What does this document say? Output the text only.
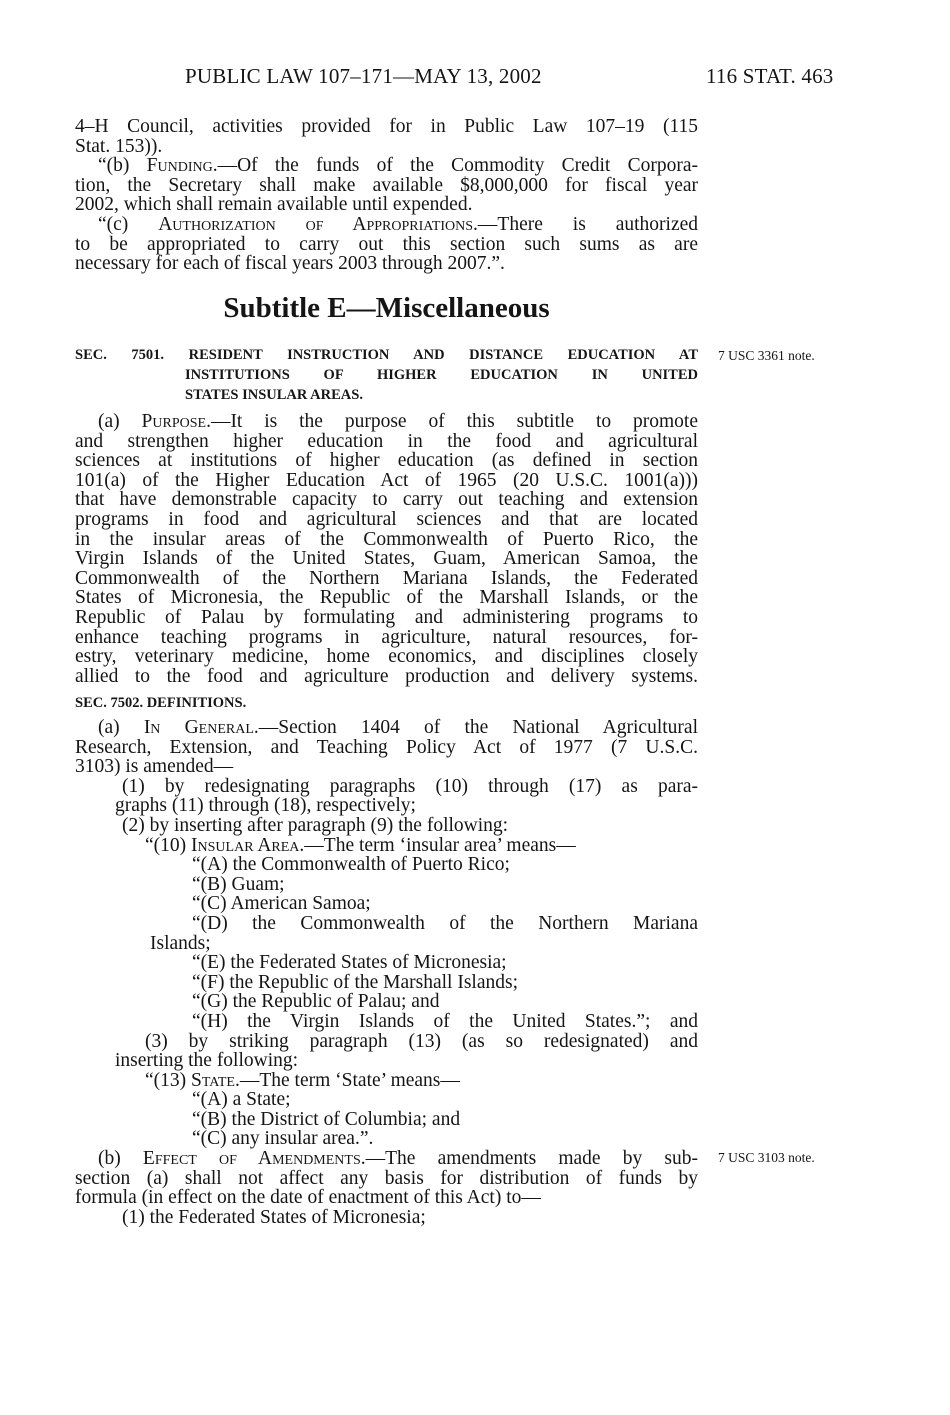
PUBLIC LAW 107–171—MAY 13, 2002	116 STAT. 463
4–H Council, activities provided for in Public Law 107–19 (115
Stat. 153)).
“(b) Funding.—Of the funds of the Commodity Credit Corpora-
tion, the Secretary shall make available $8,000,000 for fiscal year
2002, which shall remain available until expended.
“(c) Authorization of Appropriations.—There is authorized
to be appropriated to carry out this section such sums as are
necessary for each of fiscal years 2003 through 2007.”.
Subtitle E—Miscellaneous
SEC. 7501. RESIDENT INSTRUCTION AND DISTANCE EDUCATION AT
INSTITUTIONS OF HIGHER EDUCATION IN UNITED
STATES INSULAR AREAS.
7 USC 3361 note.
(a) Purpose.—It is the purpose of this subtitle to promote
and strengthen higher education in the food and agricultural
sciences at institutions of higher education (as defined in section
101(a) of the Higher Education Act of 1965 (20 U.S.C. 1001(a)))
that have demonstrable capacity to carry out teaching and extension
programs in food and agricultural sciences and that are located
in the insular areas of the Commonwealth of Puerto Rico, the
Virgin Islands of the United States, Guam, American Samoa, the
Commonwealth of the Northern Mariana Islands, the Federated
States of Micronesia, the Republic of the Marshall Islands, or the
Republic of Palau by formulating and administering programs to
enhance teaching programs in agriculture, natural resources, for-
estry, veterinary medicine, home economics, and disciplines closely
allied to the food and agriculture production and delivery systems.
SEC. 7502. DEFINITIONS.
(a) In General.—Section 1404 of the National Agricultural
Research, Extension, and Teaching Policy Act of 1977 (7 U.S.C.
3103) is amended—
(1) by redesignating paragraphs (10) through (17) as para-
graphs (11) through (18), respectively;
(2) by inserting after paragraph (9) the following:
“(10) Insular Area.—The term ‘insular area’ means—
“(A) the Commonwealth of Puerto Rico;
“(B) Guam;
“(C) American Samoa;
“(D) the Commonwealth of the Northern Mariana
Islands;
“(E) the Federated States of Micronesia;
“(F) the Republic of the Marshall Islands;
“(G) the Republic of Palau; and
“(H) the Virgin Islands of the United States.”; and
(3) by striking paragraph (13) (as so redesignated) and
inserting the following:
“(13) State.—The term ‘State’ means—
“(A) a State;
“(B) the District of Columbia; and
“(C) any insular area.”.
(b) Effect of Amendments.—The amendments made by sub-
section (a) shall not affect any basis for distribution of funds by
formula (in effect on the date of enactment of this Act) to—
(1) the Federated States of Micronesia;
7 USC 3103 note.
